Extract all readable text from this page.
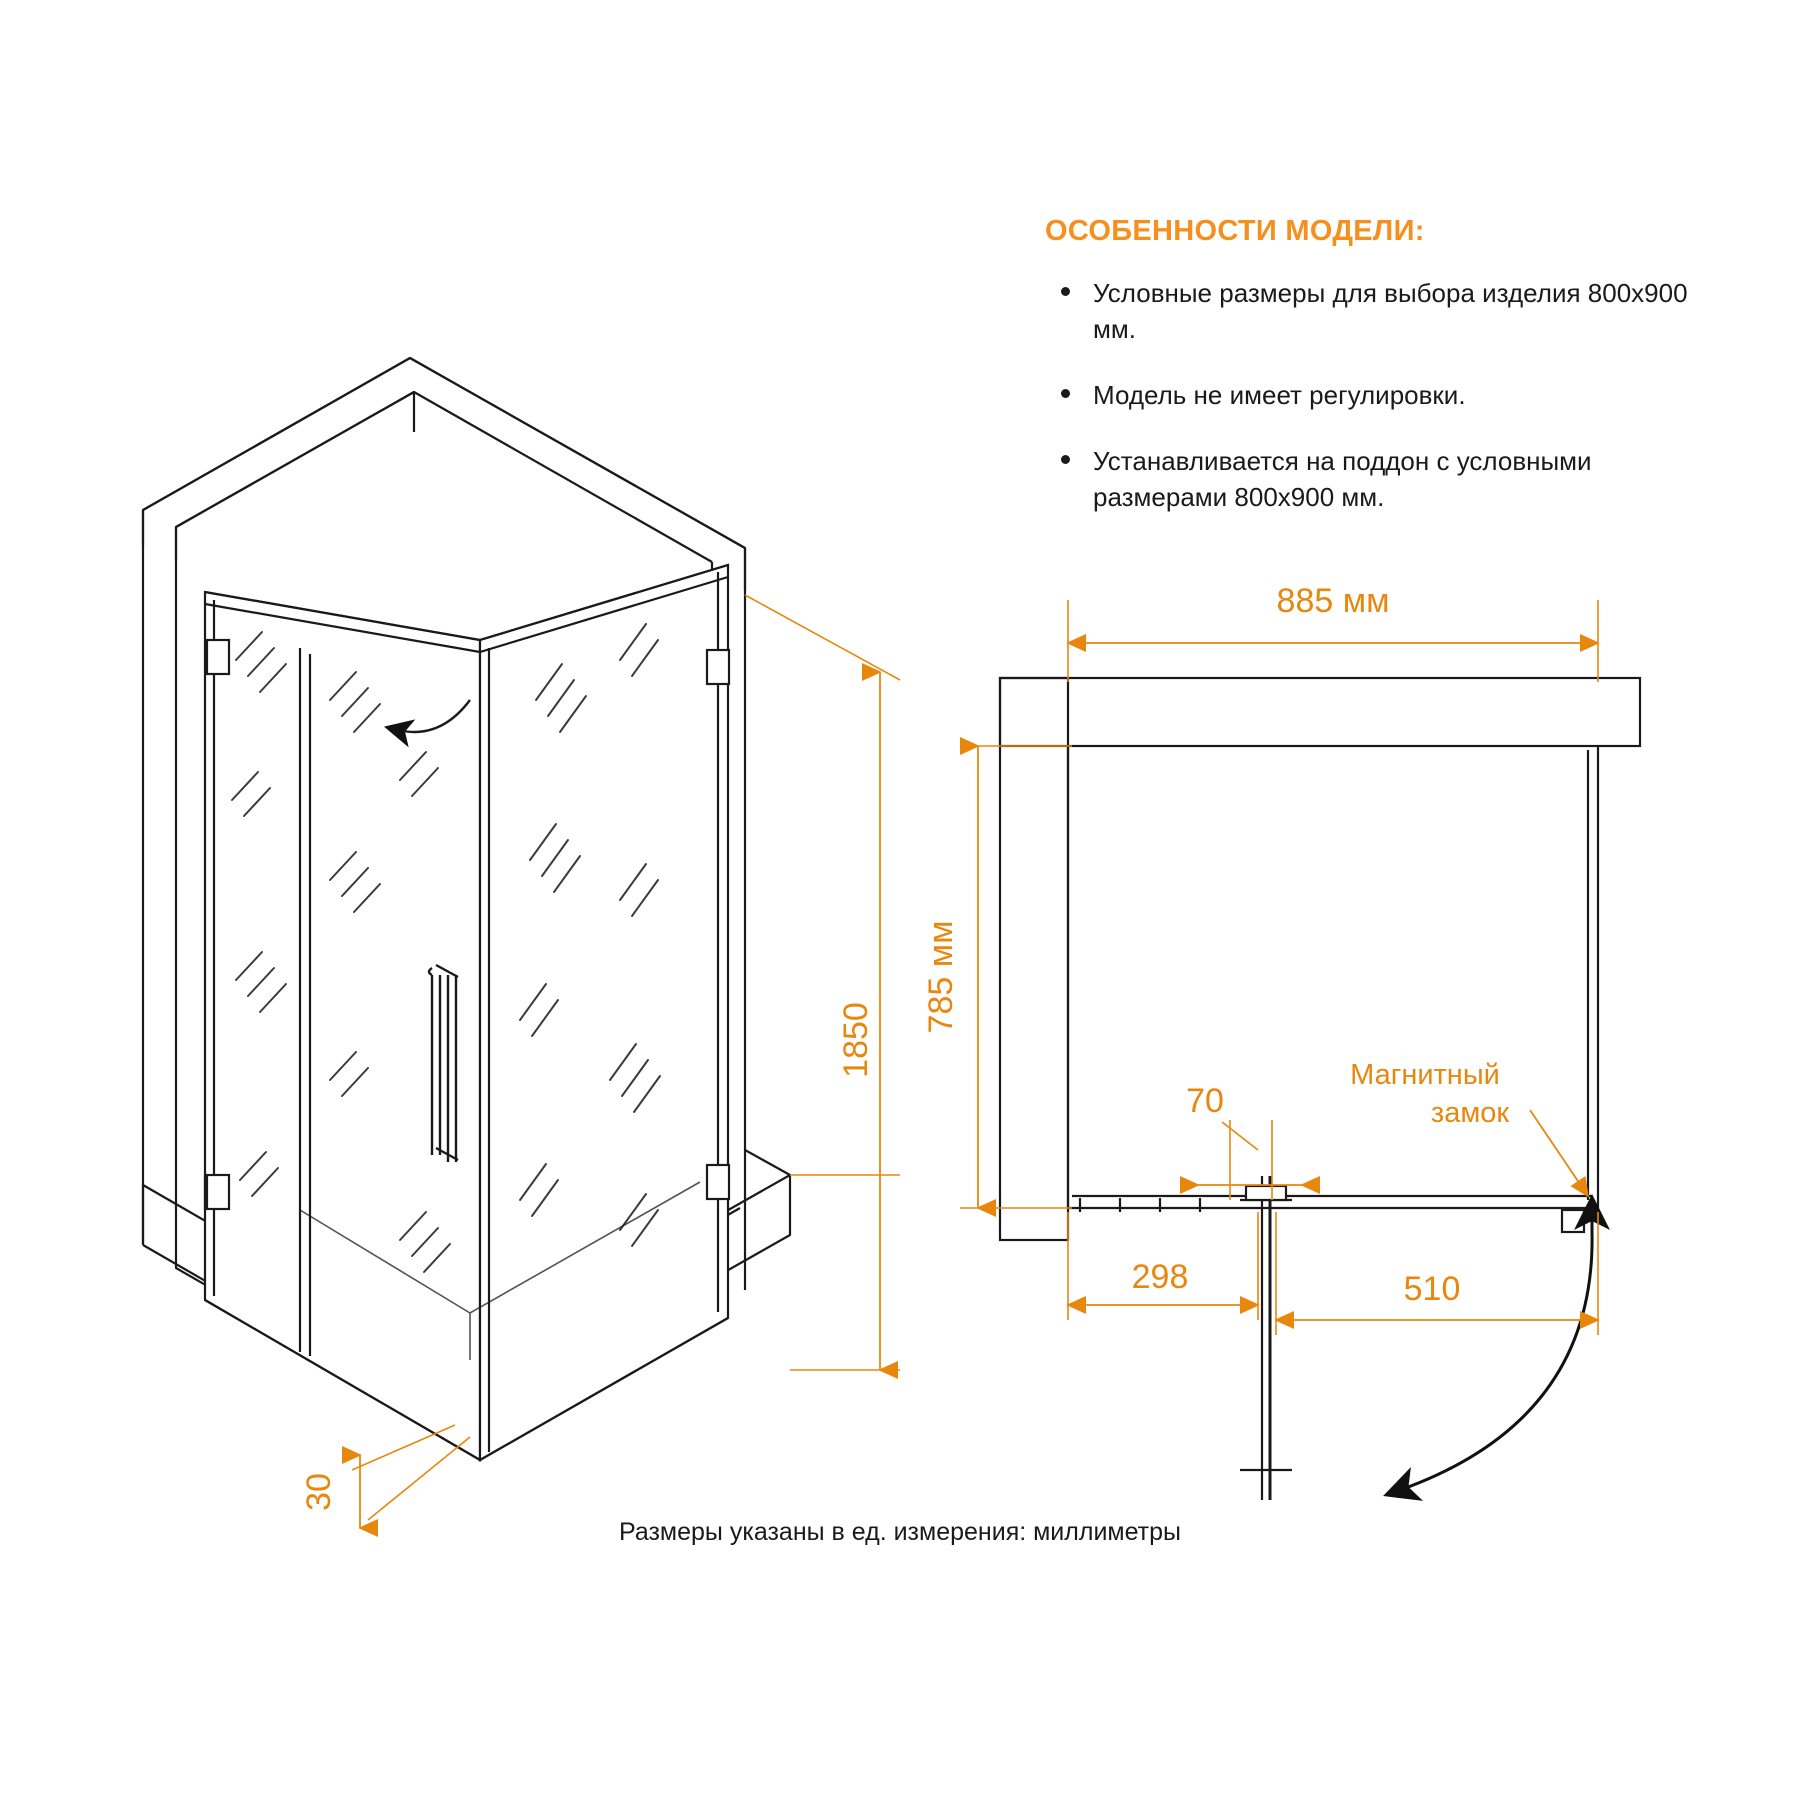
1850
30
885 мм
785 мм
70
298	510
Магнитный
замок
ОСОБЕННОСТИ МОДЕЛИ:
Условные размеры для выбора изделия 800x900 мм.
Модель не имеет регулировки.
Устанавливается на поддон с условными размерами 800x900 мм.
Размеры указаны в ед. измерения: миллиметры
